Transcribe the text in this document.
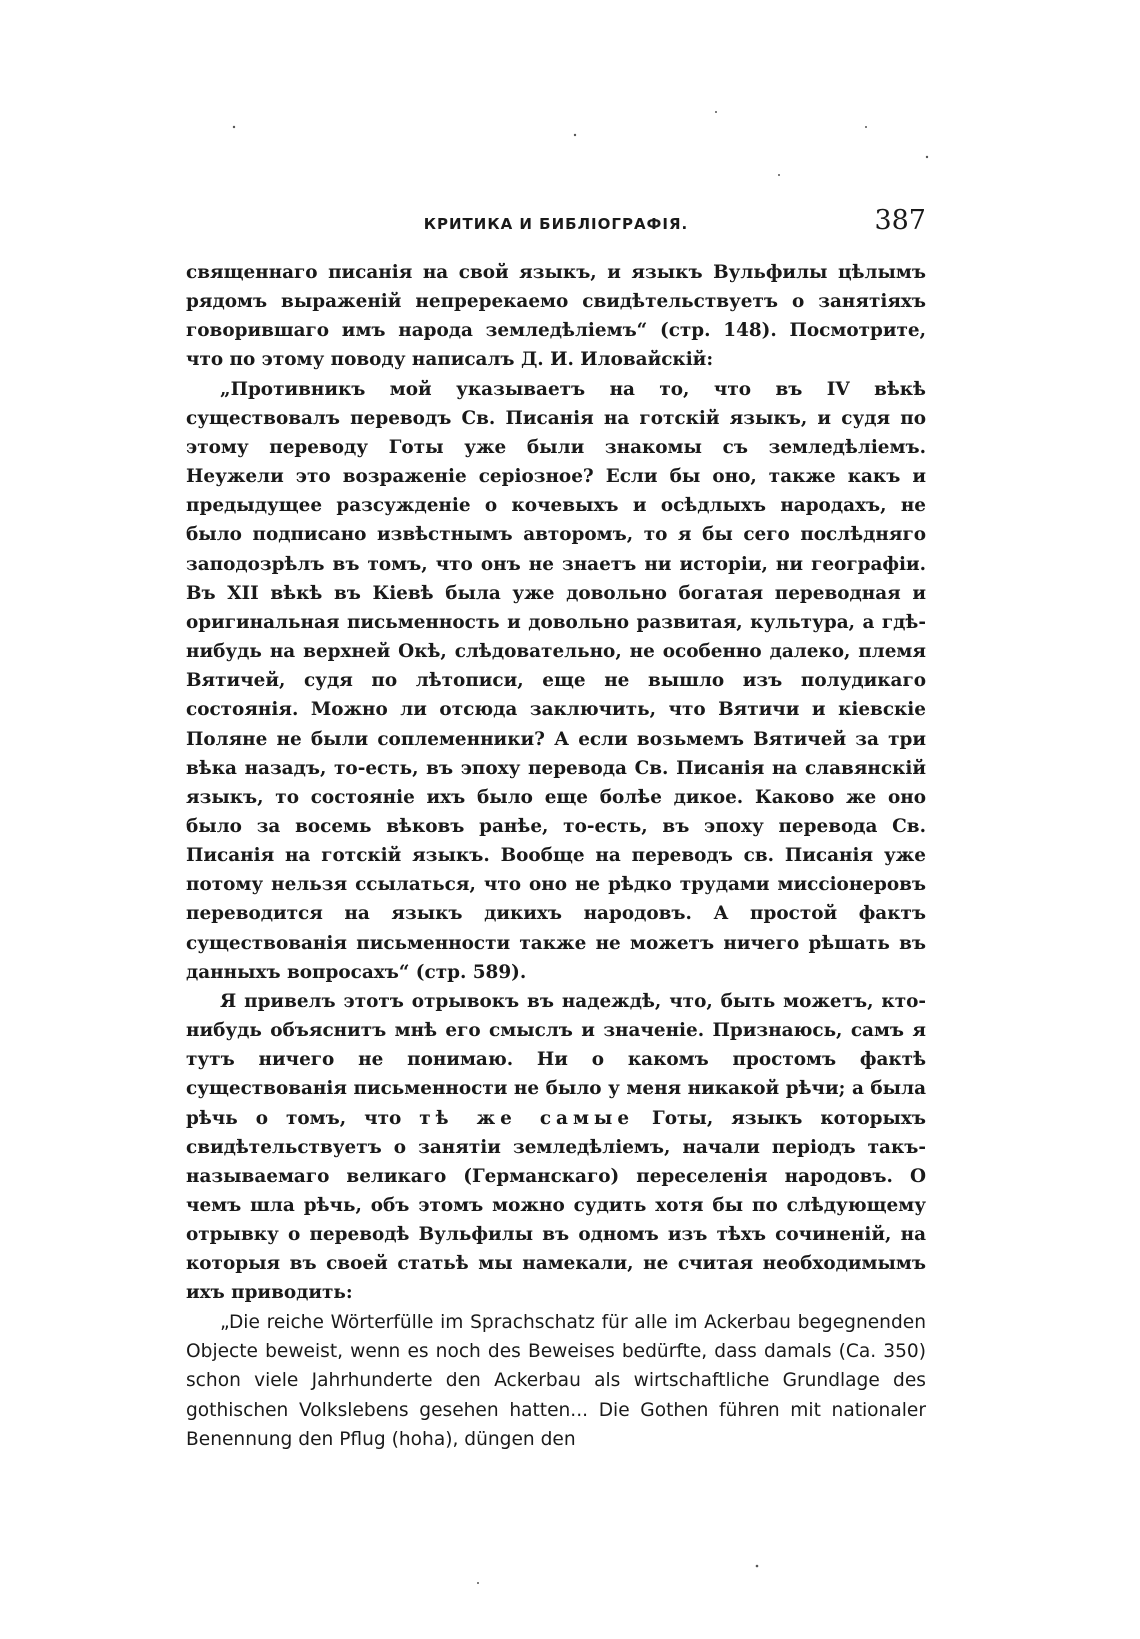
КРИТИКА И БИБЛІОГРАФІЯ.	387

священнаго писанія на свой языкъ, и языкъ Вульфилы цѣлымъ рядомъ выраженій непререкаемо свидѣтельствуетъ о занятіяхъ говорившаго имъ народа земледѣліемъ“ (стр. 148). Посмотрите, что по этому поводу написалъ Д. И. Иловайскій:

„Противникъ мой указываетъ на то, что въ IV вѣкѣ существовалъ переводъ Св. Писанія на готскій языкъ, и судя по этому переводу Готы уже были знакомы съ земледѣліемъ. Неужели это возраженіе серіозное? Если бы оно, также какъ и предыдущее разсужденіе о кочевыхъ и осѣдлыхъ народахъ, не было подписано извѣстнымъ авторомъ, то я бы сего послѣдняго заподозрѣлъ въ томъ, что онъ не знаетъ ни исторіи, ни географіи. Въ XII вѣкѣ въ Кіевѣ была уже довольно богатая переводная и оригинальная письменность и довольно развитая, культура, а гдѣ-нибудь на верхней Окѣ, слѣдовательно, не особенно далеко, племя Вятичей, судя по лѣтописи, еще не вышло изъ полудикаго состоянія. Можно ли отсюда заключить, что Вятичи и кіевскіе Поляне не были соплеменники? А если возьмемъ Вятичей за три вѣка назадъ, то-есть, въ эпоху перевода Св. Писанія на славянскій языкъ, то состояніе ихъ было еще болѣе дикое. Каково же оно было за восемь вѣковъ ранѣе, то-есть, въ эпоху перевода Св. Писанія на готскій языкъ. Вообще на переводъ св. Писанія уже потому нельзя ссылаться, что оно не рѣдко трудами миссіонеровъ переводится на языкъ дикихъ народовъ. А простой фактъ существованія письменности также не можетъ ничего рѣшать въ данныхъ вопросахъ“ (стр. 589).

Я привелъ этотъ отрывокъ въ надеждѣ, что, быть можетъ, кто-нибудь объяснитъ мнѣ его смыслъ и значеніе. Признаюсь, самъ я тутъ ничего не понимаю. Ни о какомъ простомъ фактѣ существованія письменности не было у меня никакой рѣчи; а была рѣчь о томъ, что тѣ же самые Готы, языкъ которыхъ свидѣтельствуетъ о занятіи земледѣліемъ, начали періодъ такъ-называемаго великаго (Германскаго) переселенія народовъ. О чемъ шла рѣчь, объ этомъ можно судить хотя бы по слѣдующему отрывку о переводѣ Вульфилы въ одномъ изъ тѣхъ сочиненій, на которыя въ своей статьѣ мы намекали, не считая необходимымъ ихъ приводить:

„Die reiche Wörterfülle im Sprachschatz für alle im Ackerbau begegnenden Objecte beweist, wenn es noch des Beweises bedürfte, dass damals (Ca. 350) schon viele Jahrhunderte den Ackerbau als wirtschaftliche Grundlage des gothischen Volkslebens gesehen hatten... Die Gothen führen mit nationaler Benennung den Pflug (hoha), düngen den
